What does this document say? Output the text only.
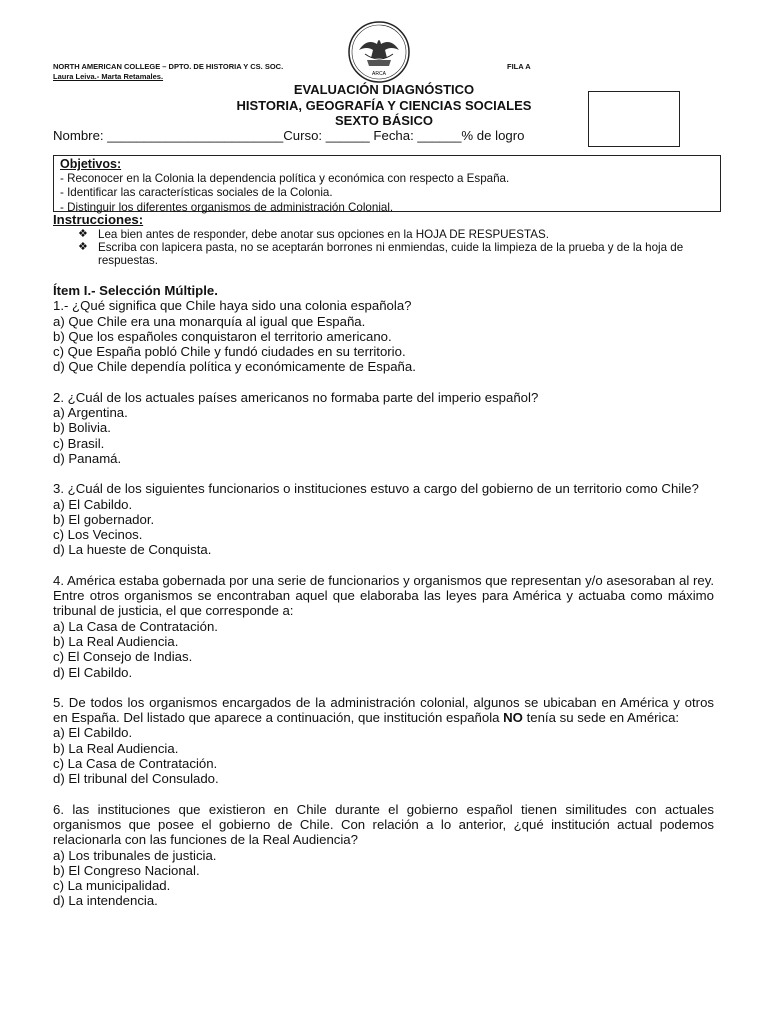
NORTH AMERICAN COLLEGE – DPTO. DE HISTORIA Y CS. SOC.
Laura Leiva.- Marta Retamales.
FILA A
ARCA
EVALUACIÓN DIAGNÓSTICO
HISTORIA, GEOGRAFÍA Y CIENCIAS SOCIALES
SEXTO BÁSICO
Nombre: ________________________Curso: ______ Fecha: ______% de logro
Objetivos:
- Reconocer en la Colonia la dependencia política y económica con respecto a España.
- Identificar las características sociales de la Colonia.
- Distinguir los diferentes organismos de administración Colonial.
Instrucciones:
❖ Lea bien antes de responder, debe anotar sus opciones en la HOJA DE RESPUESTAS.
❖ Escriba con lapicera pasta, no se aceptarán borrones ni enmiendas, cuide la limpieza de la prueba y de la hoja de respuestas.
Ítem I.- Selección Múltiple.
1.- ¿Qué significa que Chile haya sido una colonia española?
a) Que Chile era una monarquía al igual que España.
b) Que los españoles conquistaron el territorio americano.
c) Que España pobló Chile y fundó ciudades en su territorio.
d) Que Chile dependía política y económicamente de España.
2. ¿Cuál de los actuales países americanos no formaba parte del imperio español?
a) Argentina.
b) Bolivia.
c) Brasil.
d) Panamá.
3. ¿Cuál de los siguientes funcionarios o instituciones estuvo a cargo del gobierno de un territorio como Chile?
a) El Cabildo.
b) El gobernador.
c) Los Vecinos.
d) La hueste de Conquista.
4. América estaba gobernada por una serie de funcionarios y organismos que representan y/o asesoraban al rey. Entre otros organismos se encontraban aquel que elaboraba las leyes para América y actuaba como máximo tribunal de justicia, el que corresponde a:
a) La Casa de Contratación.
b) La Real Audiencia.
c) El Consejo de Indias.
d) El Cabildo.
5. De todos los organismos encargados de la administración colonial, algunos se ubicaban en América y otros en España. Del listado que aparece a continuación, que institución española NO tenía su sede en América:
a) El Cabildo.
b) La Real Audiencia.
c) La Casa de Contratación.
d) El tribunal del Consulado.
6. las instituciones que existieron en Chile durante el gobierno español tienen similitudes con actuales organismos que posee el gobierno de Chile. Con relación a lo anterior, ¿qué institución actual podemos relacionarla con las funciones de la Real Audiencia?
a) Los tribunales de justicia.
b) El Congreso Nacional.
c) La municipalidad.
d) La intendencia.
